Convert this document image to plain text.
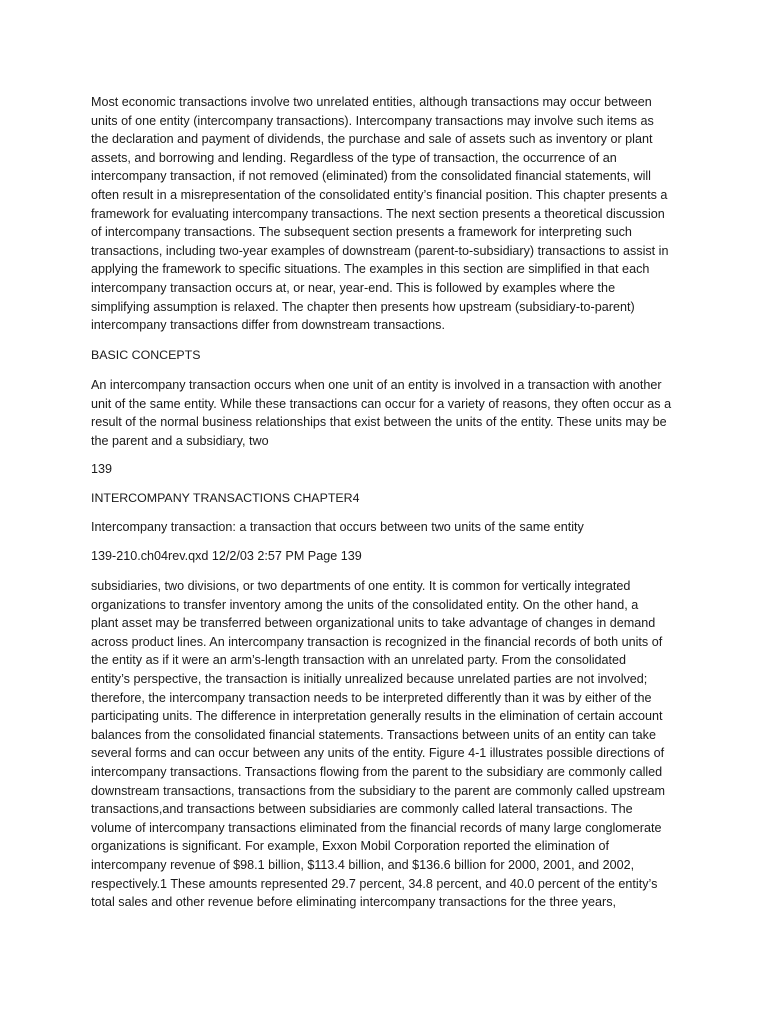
Most economic transactions involve two unrelated entities, although transactions may occur between
units of one entity (intercompany transactions). Intercompany transactions may involve such items as
the declaration and payment of dividends, the purchase and sale of assets such as inventory or plant
assets, and borrowing and lending. Regardless of the type of transaction, the occurrence of an
intercompany transaction, if not removed (eliminated) from the consolidated financial statements, will
often result in a misrepresentation of the consolidated entity’s financial position. This chapter presents a
framework for evaluating intercompany transactions. The next section presents a theoretical discussion
of intercompany transactions. The subsequent section presents a framework for interpreting such
transactions, including two-year examples of downstream (parent-to-subsidiary) transactions to assist in
applying the framework to specific situations. The examples in this section are simplified in that each
intercompany transaction occurs at, or near, year-end. This is followed by examples where the
simplifying assumption is relaxed. The chapter then presents how upstream (subsidiary-to-parent)
intercompany transactions differ from downstream transactions.

BASIC CONCEPTS

An intercompany transaction occurs when one unit of an entity is involved in a transaction with another
unit of the same entity. While these transactions can occur for a variety of reasons, they often occur as a
result of the normal business relationships that exist between the units of the entity. These units may be
the parent and a subsidiary, two

139

INTERCOMPANY TRANSACTIONS CHAPTER4

Intercompany transaction: a transaction that occurs between two units of the same entity

139-210.ch04rev.qxd 12/2/03 2:57 PM Page 139

subsidiaries, two divisions, or two departments of one entity. It is common for vertically integrated
organizations to transfer inventory among the units of the consolidated entity. On the other hand, a
plant asset may be transferred between organizational units to take advantage of changes in demand
across product lines. An intercompany transaction is recognized in the financial records of both units of
the entity as if it were an arm’s-length transaction with an unrelated party. From the consolidated
entity’s perspective, the transaction is initially unrealized because unrelated parties are not involved;
therefore, the intercompany transaction needs to be interpreted differently than it was by either of the
participating units. The difference in interpretation generally results in the elimination of certain account
balances from the consolidated financial statements. Transactions between units of an entity can take
several forms and can occur between any units of the entity. Figure 4-1 illustrates possible directions of
intercompany transactions. Transactions flowing from the parent to the subsidiary are commonly called
downstream transactions, transactions from the subsidiary to the parent are commonly called upstream
transactions,and transactions between subsidiaries are commonly called lateral transactions. The
volume of intercompany transactions eliminated from the financial records of many large conglomerate
organizations is significant. For example, Exxon Mobil Corporation reported the elimination of
intercompany revenue of $98.1 billion, $113.4 billion, and $136.6 billion for 2000, 2001, and 2002,
respectively.1 These amounts represented 29.7 percent, 34.8 percent, and 40.0 percent of the entity’s
total sales and other revenue before eliminating intercompany transactions for the three years,
